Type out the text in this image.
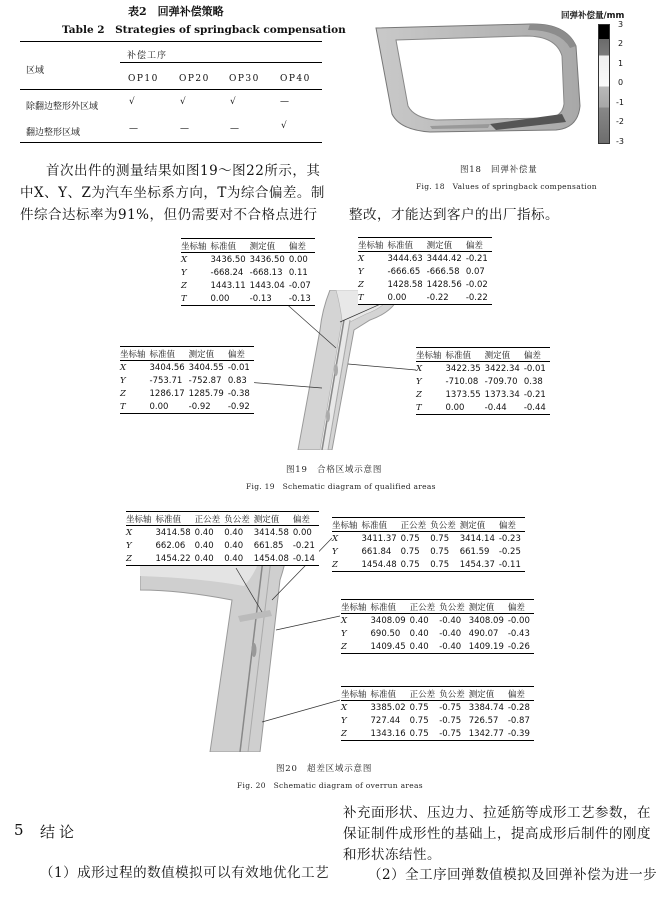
表2　回弹补偿策略
Table 2　Strategies of springback compensation
区域
补偿工序
OP10 OP20 OP30 OP40
除翻边整形外区域	√	√	√	—
翻边整形区域	—	—	—	√
回弹补偿量/mm
3
2
1
0
-1
-2
-3
图18　回弹补偿量
Fig. 18　Values of springback compensation
首次出件的测量结果如图19～图22所示，其
中X、Y、Z为汽车坐标系方向，T为综合偏差。制
件综合达标率为91%，但仍需要对不合格点进行 整改，才能达到客户的出厂指标。
坐标轴	标准值	测定值	偏差
X	3436.50	3436.50	0.00
Y	-668.24	-668.13	0.11
Z	1443.11	1443.04	-0.07
T	0.00	-0.13	-0.13
坐标轴	标准值	测定值	偏差
X	3444.63	3444.42	-0.21
Y	-666.65	-666.58	0.07
Z	1428.58	1428.56	-0.02
T	0.00	-0.22	-0.22
坐标轴	标准值	测定值	偏差
X	3404.56	3404.55	-0.01
Y	-753.71	-752.87	0.83
Z	1286.17	1285.79	-0.38
T	0.00	-0.92	-0.92
坐标轴	标准值	测定值	偏差
X	3422.35	3422.34	-0.01
Y	-710.08	-709.70	0.38
Z	1373.55	1373.34	-0.21
T	0.00	-0.44	-0.44
图19　合格区域示意图
Fig. 19　Schematic diagram of qualified areas
坐标轴	标准值	正公差	负公差	测定值	偏差
X	3414.58	0.40	0.40	3414.58	0.00
Y	662.06	0.40	0.40	661.85	-0.21
Z	1454.22	0.40	0.40	1454.08	-0.14
坐标轴	标准值	正公差	负公差	测定值	偏差
X	3411.37	0.75	0.75	3414.14	-0.23
Y	661.84	0.75	0.75	661.59	-0.25
Z	1454.48	0.75	0.75	1454.37	-0.11
坐标轴	标准值	正公差	负公差	测定值	偏差
X	3408.09	0.40	-0.40	3408.09	-0.00
Y	690.50	0.40	-0.40	490.07	-0.43
Z	1409.45	0.40	-0.40	1409.19	-0.26
坐标轴	标准值	正公差	负公差	测定值	偏差
X	3385.02	0.75	-0.75	3384.74	-0.28
Y	727.44	0.75	-0.75	726.57	-0.87
Z	1343.16	0.75	-0.75	1342.77	-0.39
图20　超差区域示意图
Fig. 20　Schematic diagram of overrun areas
5 结论
（1）成形过程的数值模拟可以有效地优化工艺
补充面形状、压边力、拉延筋等成形工艺参数，在
保证制件成形性的基础上，提高成形后制件的刚度
和形状冻结性。
（2）全工序回弹数值模拟及回弹补偿为进一步
